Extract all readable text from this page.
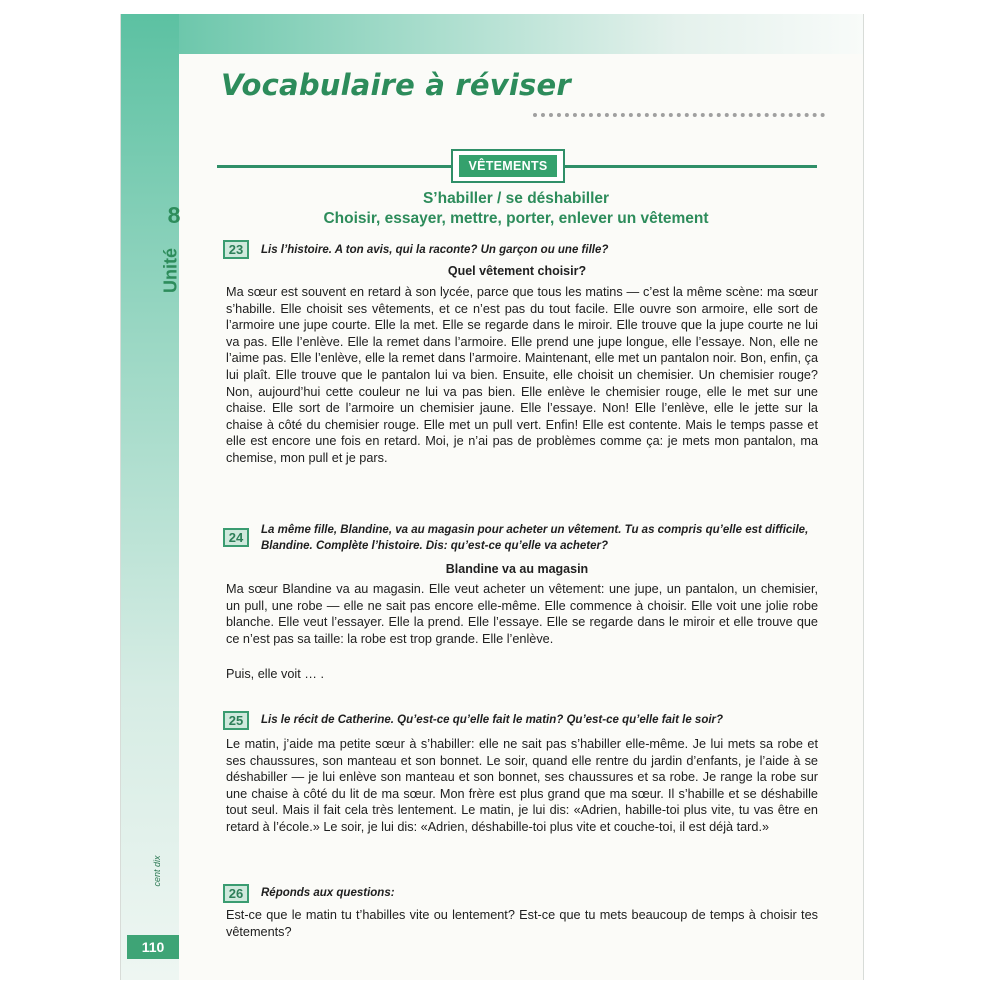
Vocabulaire à réviser
VÊTEMENTS
8
Unité

S’habiller / se déshabiller

Choisir, essayer, mettre, porter, enlever un vêtement

23	Lis l’histoire. A ton avis, qui la raconte? Un garçon ou une fille?

Quel vêtement choisir?

Ma sœur est souvent en retard à son lycée, parce que tous les matins — c’est la même scène: ma sœur s’habille. Elle choisit ses vêtements, et ce n’est pas du tout facile. Elle ouvre son armoire, elle sort de l’armoire une jupe courte. Elle la met. Elle se regarde dans le miroir. Elle trouve que la jupe courte ne lui va pas. Elle l’enlève. Elle la remet dans l’armoire. Elle prend une jupe longue, elle l’essaye. Non, elle ne l’aime pas. Elle l’enlève, elle la remet dans l’armoire. Maintenant, elle met un pantalon noir. Bon, enfin, ça lui plaît. Elle trouve que le pantalon lui va bien. Ensuite, elle choisit un chemisier. Un chemisier rouge? Non, aujourd’hui cette couleur ne lui va pas bien. Elle enlève le chemisier rouge, elle le met sur une chaise. Elle sort de l’armoire un chemisier jaune. Elle l’essaye. Non! Elle l’enlève, elle le jette sur la chaise à côté du chemisier rouge. Elle met un pull vert. Enfin! Elle est contente. Mais le temps passe et elle est encore une fois en retard. Moi, je n’ai pas de problèmes comme ça: je mets mon pantalon, ma chemise, mon pull et je pars.

24	La même fille, Blandine, va au magasin pour acheter un vêtement. Tu as compris qu’elle est difficile, Blandine. Complète l’histoire. Dis: qu’est-ce qu’elle va acheter?

Blandine va au magasin

Ma sœur Blandine va au magasin. Elle veut acheter un vêtement: une jupe, un pantalon, un chemisier, un pull, une robe — elle ne sait pas encore elle-même. Elle commence à choisir. Elle voit une jolie robe blanche. Elle veut l’essayer. Elle la prend. Elle l’essaye. Elle se regarde dans le miroir et elle trouve que ce n’est pas sa taille: la robe est trop grande. Elle l’enlève.

Puis, elle voit … .

25	Lis le récit de Catherine. Qu’est-ce qu’elle fait le matin? Qu’est-ce qu’elle fait le soir?

Le matin, j’aide ma petite sœur à s’habiller: elle ne sait pas s’habiller elle-même. Je lui mets sa robe et ses chaussures, son manteau et son bonnet. Le soir, quand elle rentre du jardin d’enfants, je l’aide à se déshabiller — je lui enlève son manteau et son bonnet, ses chaussures et sa robe. Je range la robe sur une chaise à côté du lit de ma sœur. Mon frère est plus grand que ma sœur. Il s’habille et se déshabille tout seul. Mais il fait cela très lentement. Le matin, je lui dis: «Adrien, habille-toi plus vite, tu vas être en retard à l’école.» Le soir, je lui dis: «Adrien, déshabille-toi plus vite et couche-toi, il est déjà tard.»

26	Réponds aux questions:

Est-ce que le matin tu t’habilles vite ou lentement? Est-ce que tu mets beaucoup de temps à choisir tes vêtements?

cent dix
110
